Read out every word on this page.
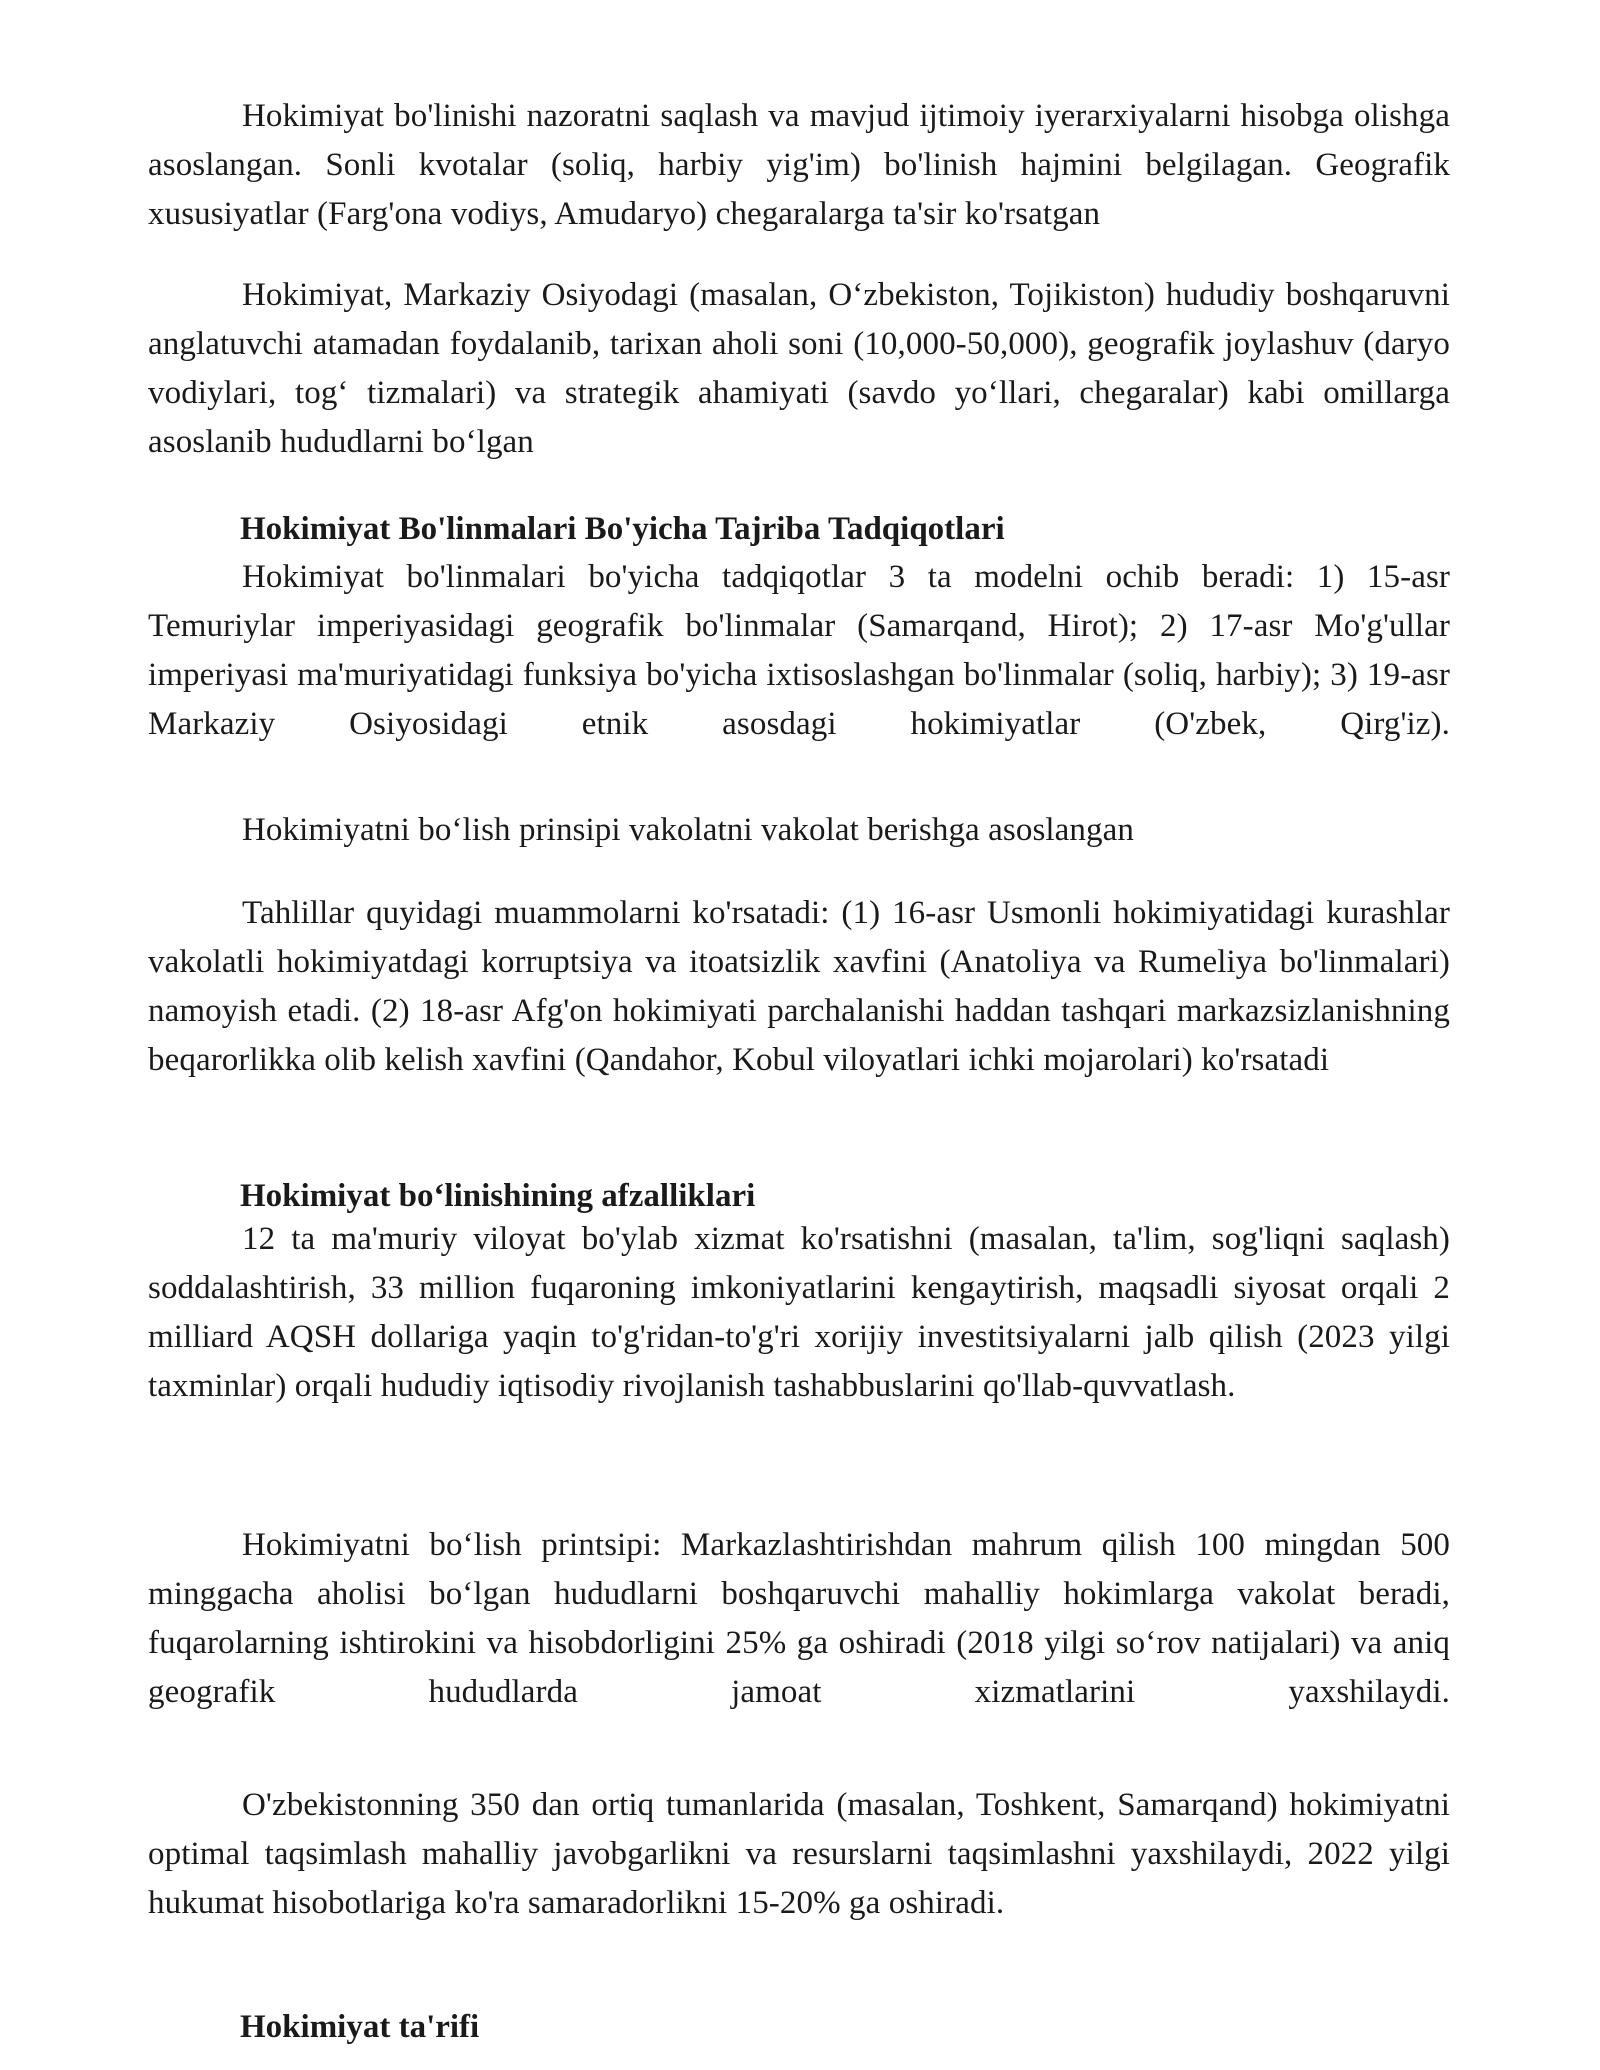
Hokimiyat bo'linishi nazoratni saqlash va mavjud ijtimoiy iyerarxiyalarni hisobga olishga asoslangan. Sonli kvotalar (soliq, harbiy yig'im) bo'linish hajmini belgilagan. Geografik xususiyatlar (Farg'ona vodiys, Amudaryo) chegaralarga ta'sir ko'rsatgan

Hokimiyat, Markaziy Osiyodagi (masalan, O‘zbekiston, Tojikiston) hududiy boshqaruvni anglatuvchi atamadan foydalanib, tarixan aholi soni (10,000-50,000), geografik joylashuv (daryo vodiylari, tog‘ tizmalari) va strategik ahamiyati (savdo yo‘llari, chegaralar) kabi omillarga asoslanib hududlarni bo‘lgan

Hokimiyat Bo'linmalari Bo'yicha Tajriba Tadqiqotlari

Hokimiyat bo'linmalari bo'yicha tadqiqotlar 3 ta modelni ochib beradi: 1) 15-asr Temuriylar imperiyasidagi geografik bo'linmalar (Samarqand, Hirot); 2) 17-asr Mo'g'ullar imperiyasi ma'muriyatidagi funksiya bo'yicha ixtisoslashgan bo'linmalar (soliq, harbiy); 3) 19-asr Markaziy Osiyosidagi etnik asosdagi hokimiyatlar (O'zbek, Qirg'iz).

Hokimiyatni bo‘lish prinsipi vakolatni vakolat berishga asoslangan

Tahlillar quyidagi muammolarni ko'rsatadi: (1) 16-asr Usmonli hokimiyatidagi kurashlar vakolatli hokimiyatdagi korruptsiya va itoatsizlik xavfini (Anatoliya va Rumeliya bo'linmalari) namoyish etadi. (2) 18-asr Afg'on hokimiyati parchalanishi haddan tashqari markazsizlanishning beqarorlikka olib kelish xavfini (Qandahor, Kobul viloyatlari ichki mojarolari) ko'rsatadi

Hokimiyat bo‘linishining afzalliklari

12 ta ma'muriy viloyat bo'ylab xizmat ko'rsatishni (masalan, ta'lim, sog'liqni saqlash) soddalashtirish, 33 million fuqaroning imkoniyatlarini kengaytirish, maqsadli siyosat orqali 2 milliard AQSH dollariga yaqin to'g'ridan-to'g'ri xorijiy investitsiyalarni jalb qilish (2023 yilgi taxminlar) orqali hududiy iqtisodiy rivojlanish tashabbuslarini qo'llab-quvvatlash.

Hokimiyatni bo‘lish printsipi: Markazlashtirishdan mahrum qilish 100 mingdan 500 minggacha aholisi bo‘lgan hududlarni boshqaruvchi mahalliy hokimlarga vakolat beradi, fuqarolarning ishtirokini va hisobdorligini 25% ga oshiradi (2018 yilgi so‘rov natijalari) va aniq geografik hududlarda jamoat xizmatlarini yaxshilaydi.

O'zbekistonning 350 dan ortiq tumanlarida (masalan, Toshkent, Samarqand) hokimiyatni optimal taqsimlash mahalliy javobgarlikni va resurslarni taqsimlashni yaxshilaydi, 2022 yilgi hukumat hisobotlariga ko'ra samaradorlikni 15-20% ga oshiradi.

Hokimiyat ta'rifi
